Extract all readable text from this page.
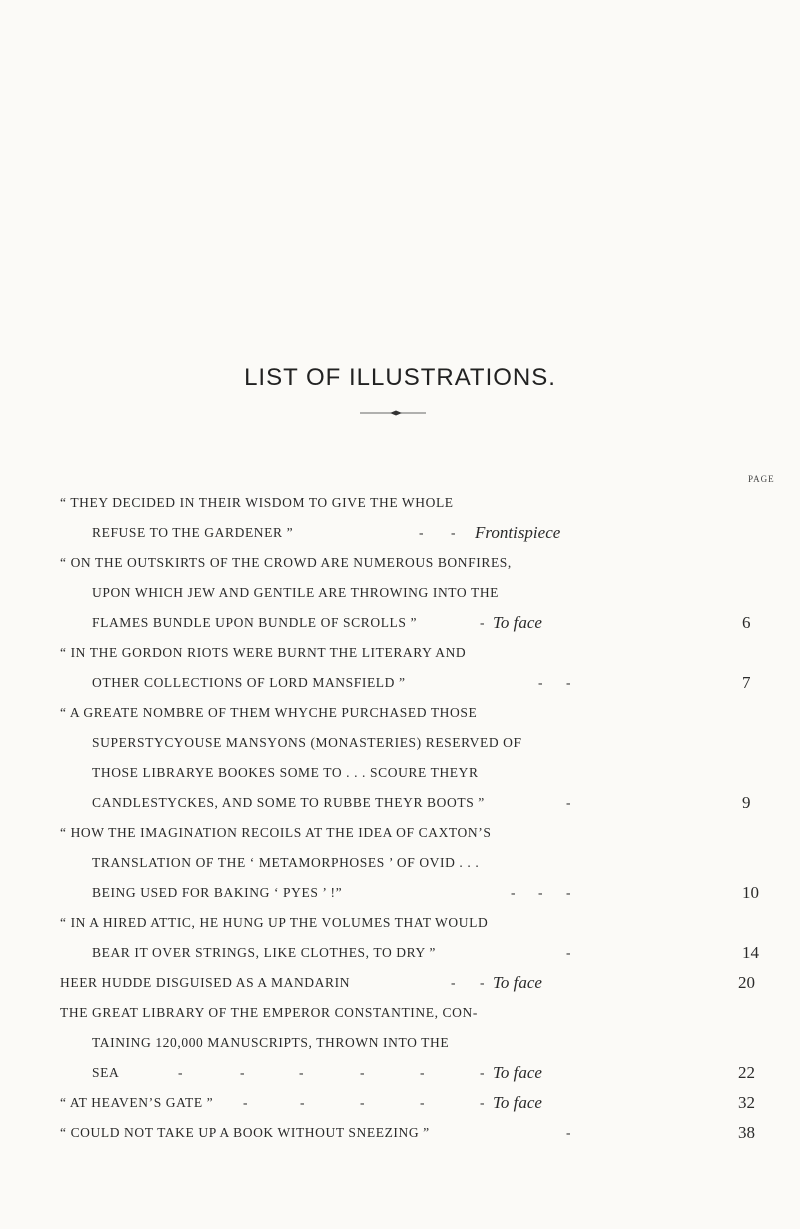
LIST OF ILLUSTRATIONS.
PAGE
“ THEY DECIDED IN THEIR WISDOM TO GIVE THE WHOLE
REFUSE TO THE GARDENER ”	- - Frontispiece
“ ON THE OUTSKIRTS OF THE CROWD ARE NUMEROUS BONFIRES,
UPON WHICH JEW AND GENTILE ARE THROWING INTO THE
FLAMES BUNDLE UPON BUNDLE OF SCROLLS ”	- To face	6
“ IN THE GORDON RIOTS WERE BURNT THE LITERARY AND
OTHER COLLECTIONS OF LORD MANSFIELD ”	- -	7
“ A GREATE NOMBRE OF THEM WHYCHE PURCHASED THOSE
SUPERSTYCYOUSE MANSYONS (MONASTERIES) RESERVED OF
THOSE LIBRARYE BOOKES SOME TO . . . SCOURE THEYR
CANDLESTYCKES, AND SOME TO RUBBE THEYR BOOTS ”	-	9
“ HOW THE IMAGINATION RECOILS AT THE IDEA OF CAXTON’S
TRANSLATION OF THE ‘ METAMORPHOSES ’ OF OVID . . .
BEING USED FOR BAKING ‘ PYES ’ !”	- - -	10
“ IN A HIRED ATTIC, HE HUNG UP THE VOLUMES THAT WOULD
BEAR IT OVER STRINGS, LIKE CLOTHES, TO DRY ”	-	14
HEER HUDDE DISGUISED AS A MANDARIN	- - To face	20
THE GREAT LIBRARY OF THE EMPEROR CONSTANTINE, CON-
TAINING 120,000 MANUSCRIPTS, THROWN INTO THE
SEA	-	-	-	-	-	- To face	22
“ AT HEAVEN’S GATE ” -	-	-	-	- To face	32
“ COULD NOT TAKE UP A BOOK WITHOUT SNEEZING ”	-	38
